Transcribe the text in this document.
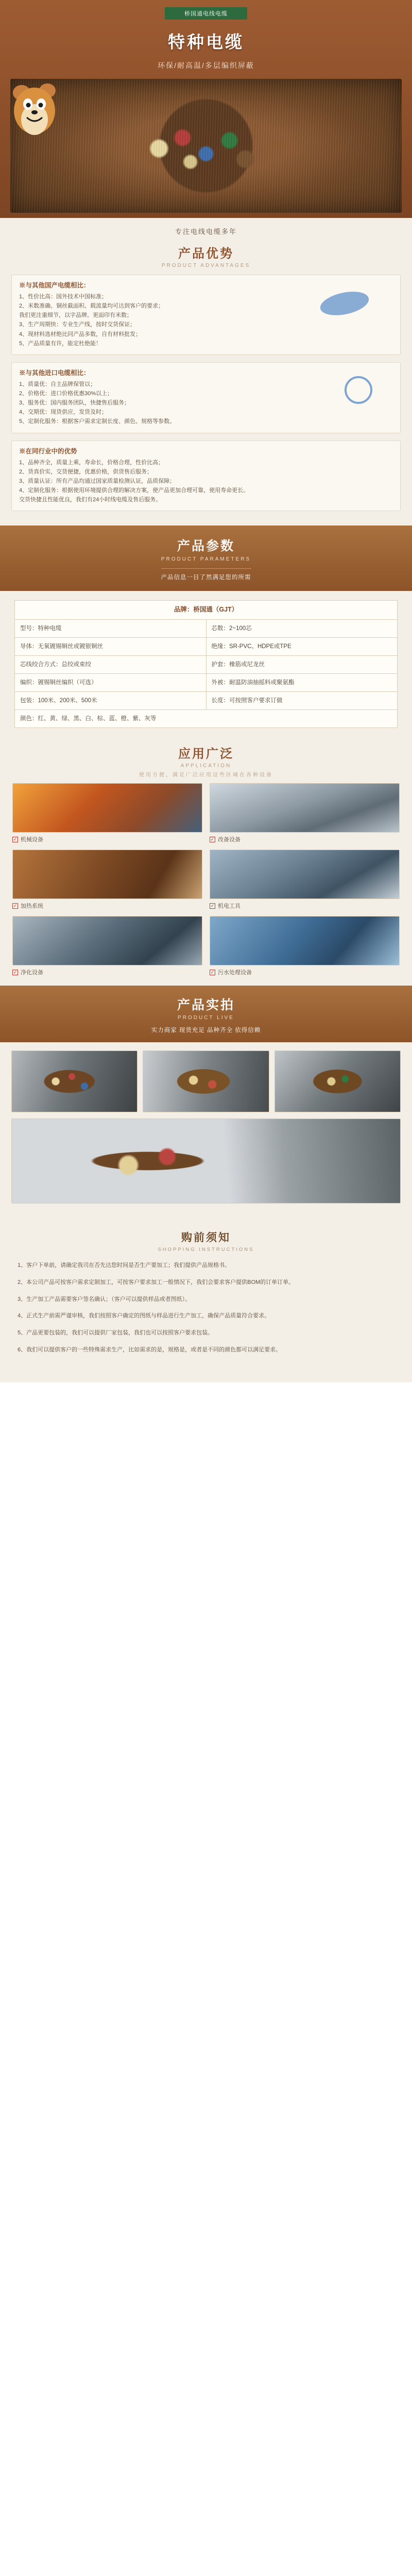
桥国通电线电缆
特种电缆
环保/耐高温/多层编织屏蔽
专注电线电缆多年
产品优势
PRODUCT ADVANTAGES
※与其他国产电缆相比：

1、性价比高：国外技术中国标准；
2、米数准确、铜丝截面积、载流量均可达到客户的要求；
我们更注重细节，以字品牌。更面印有米数；
3、生产周期快：专业生产线，按时交货保证；
4、现材料选材绝比同产品多数，自有材料批发；
5、产品质量有许，能定杜绝能！

※与其他进口电缆相比：

1、质量优：自主品牌保管以；
2、价格优：进口价格优惠30%以上；
3、服务优：国内服务团队，快捷售后服务；
4、交期优：现货供应，发货及时；
5、定制化服务：根据客户需求定制长度、颜色、规格等参数。

※在同行业中的优势

1、品种齐全，质量上乘，寿命长，价格合理，性价比高；
2、货真价实，交货便捷，优惠价格，供货售后服务；
3、质量认证：所有产品均通过国家质量检测认证，品质保障；
4、定制化服务：根据使用环境提供合理的解决方案，使产品更加合理可靠，使用寿命更长。
交货快捷且性能优良，我们有24小时线电缆及售后服务。

产品参数
PRODUCT PARAMETERS
产品信息一目了然满足您的所需
品牌：桥国通（GJT）	
型号：特种电缆	芯数：2~100芯
导体：无氧镀锡铜丝或镀银铜丝	绝缘：SR-PVC、HDPE或TPE
芯线绞合方式：总绞或束绞	护套：橡筋或尼龙丝
编织：镀锡铜丝编织（可选）	外被：耐温防油抽摇料或聚氨酯
包装：100米、200米、500米	长度：可按照客户要求订做
颜色：红、黄、绿、黑、白、棕、蓝、橙、紫、灰等	
应用广泛
APPLICATION
使用方便，满足广泛应用这些区域在各种设备
✓ 机械设备	✓ 改备设备
✓ 加热系统	✓ 机电工具
✓ 净化设备	✓ 污水处理设备
产品实拍
PRODUCT LIVE
实力商家 现货充足 品种齐全 依得信赖
购前须知
SHOPPING INSTRUCTIONS
1、客户下单前，请确定我司在否先达您时间是否生产要加工；我们提供产品规格书。
2、本公司产品可按客户需求定制加工，可按客户要求加工一般情况下，我们会要求客户提供BOM的订单订单。
3、生产加工产品需要客户签名确认；（客户可以提供样品或者图纸）。
4、正式生产前需严谨审核，我们按照客户确定的图纸与样品进行生产加工，确保产品质量符合要求。
5、产品更要包装的，我们可以提供厂家包装，我们也可以按照客户要求包装。
6、我们可以提供客户的一些特殊需求生产，比如需求的是，规格是，或者是不同的颜色都可以满足要求。
